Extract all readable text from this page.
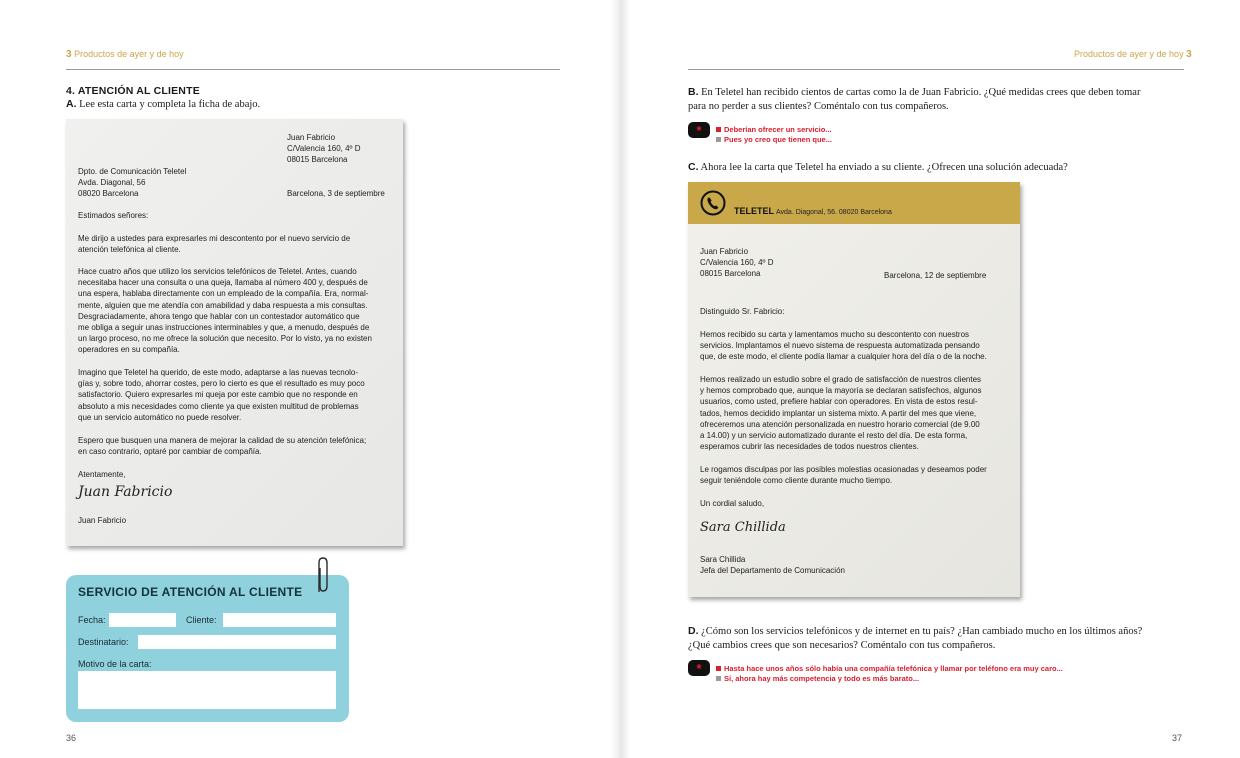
3 Productos de ayer y de hoy
4. ATENCIÓN AL CLIENTE
A. Lee esta carta y completa la ficha de abajo.
36
Juan Fabricio
C/Valencia 160, 4º D
08015 Barcelona
Dpto. de Comunicación Teletel
Avda. Diagonal, 56
08020 Barcelona	Barcelona, 3 de septiembre
Estimados señores:
Me dirijo a ustedes para expresarles mi descontento por el nuevo servicio de
atención telefónica al cliente.
Hace cuatro años que utilizo los servicios telefónicos de Teletel. Antes, cuando
necesitaba hacer una consulta o una queja, llamaba al número 400 y, después de
una espera, hablaba directamente con un empleado de la compañía. Era, normal-
mente, alguien que me atendía con amabilidad y daba respuesta a mis consultas.
Desgraciadamente, ahora tengo que hablar con un contestador automático que
me obliga a seguir unas instrucciones interminables y que, a menudo, después de
un largo proceso, no me ofrece la solución que necesito. Por lo visto, ya no existen
operadores en su compañía.
Imagino que Teletel ha querido, de este modo, adaptarse a las nuevas tecnolo-
gías y, sobre todo, ahorrar costes, pero lo cierto es que el resultado es muy poco
satisfactorio. Quiero expresarles mi queja por este cambio que no responde en
absoluto a mis necesidades como cliente ya que existen multitud de problemas
que un servicio automático no puede resolver.
Espero que busquen una manera de mejorar la calidad de su atención telefónica;
en caso contrario, optaré por cambiar de compañía.
Atentamente,
Juan Fabricio
Juan Fabricio
SERVICIO DE ATENCIÓN AL CLIENTE
Fecha:	Cliente:
Destinatario:
Motivo de la carta:
Productos de ayer y de hoy 3
B. En Teletel han recibido cientos de cartas como la de Juan Fabricio. ¿Qué medidas crees que deben tomar
para no perder a sus clientes? Coméntalo con tus compañeros.
*	Deberían ofrecer un servicio...
Pues yo creo que tienen que...
C. Ahora lee la carta que Teletel ha enviado a su cliente. ¿Ofrecen una solución adecuada?
TELETEL Avda. Diagonal, 56. 08020 Barcelona
Juan Fabricio
C/Valencia 160, 4º D
08015 Barcelona	Barcelona, 12 de septiembre
Distinguido Sr. Fabricio:
Hemos recibido su carta y lamentamos mucho su descontento con nuestros
servicios. Implantamos el nuevo sistema de respuesta automatizada pensando
que, de este modo, el cliente podía llamar a cualquier hora del día o de la noche.
Hemos realizado un estudio sobre el grado de satisfacción de nuestros clientes
y hemos comprobado que, aunque la mayoría se declaran satisfechos, algunos
usuarios, como usted, prefiere hablar con operadores. En vista de estos resul-
tados, hemos decidido implantar un sistema mixto. A partir del mes que viene,
ofreceremos una atención personalizada en nuestro horario comercial (de 9.00
a 14.00) y un servicio automatizado durante el resto del día. De esta forma,
esperamos cubrir las necesidades de todos nuestros clientes.
Le rogamos disculpas por las posibles molestias ocasionadas y deseamos poder
seguir teniéndole como cliente durante mucho tiempo.
Un cordial saludo,
Sara Chillida
Sara Chillida
Jefa del Departamento de Comunicación
D. ¿Cómo son los servicios telefónicos y de internet en tu país? ¿Han cambiado mucho en los últimos años?
¿Qué cambios crees que son necesarios? Coméntalo con tus compañeros.
*	Hasta hace unos años sólo había una compañía telefónica y llamar por teléfono era muy caro...
Sí, ahora hay más competencia y todo es más barato...
37
